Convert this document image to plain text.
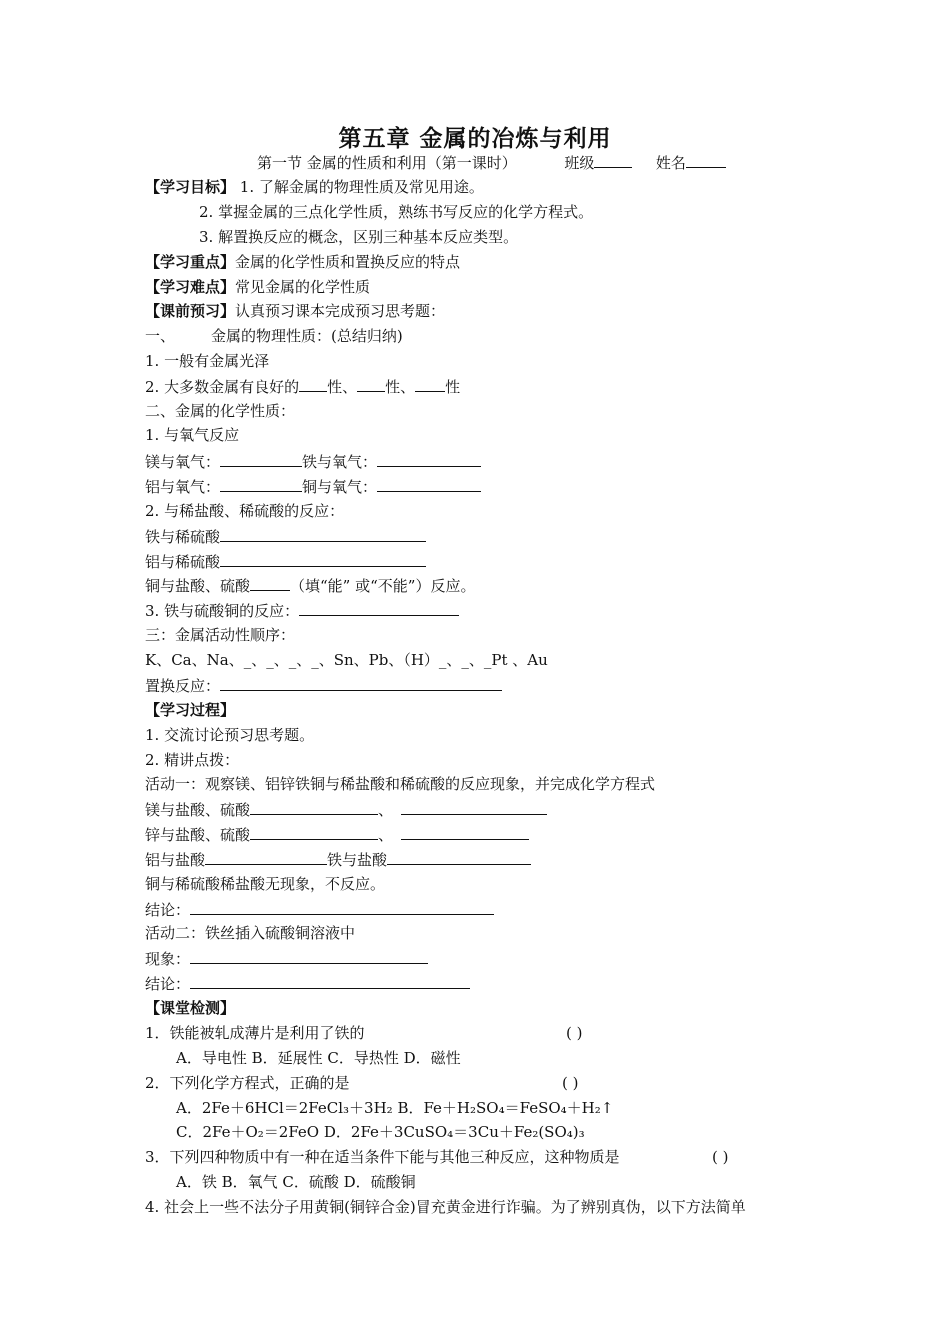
第五章 金属的冶炼与利用
第一节 金属的性质和利用（第一课时）	班级	姓名
【学习目标】 1. 了解金属的物理性质及常见用途。
2. 掌握金属的三点化学性质，熟练书写反应的化学方程式。
3. 解置换反应的概念，区别三种基本反应类型。
【学习重点】金属的化学性质和置换反应的特点
【学习难点】常见金属的化学性质
【课前预习】认真预习课本完成预习思考题：
一、 金属的物理性质：(总结归纳)
1. 一般有金属光泽
2. 大多数金属有良好的 性、 性、 性
二、金属的化学性质：
1. 与氧气反应
镁与氧气：	铁与氧气：
铝与氧气：	铜与氧气：
2. 与稀盐酸、稀硫酸的反应：
铁与稀硫酸
铝与稀硫酸
铜与盐酸、硫酸	（填“能” 或“不能”）反应。
3. 铁与硫酸铜的反应：
三：金属活动性顺序：
K、Ca、Na、_、_、_、_、Sn、Pb、（H）_、_、_Pt 、Au
置换反应：
【学习过程】
1. 交流讨论预习思考题。
2. 精讲点拨：
活动一：观察镁、铝锌铁铜与稀盐酸和稀硫酸的反应现象，并完成化学方程式
镁与盐酸、硫酸	、
锌与盐酸、硫酸	、
铝与盐酸	铁与盐酸
铜与稀硫酸稀盐酸无现象，不反应。
结论：
活动二：铁丝插入硫酸铜溶液中
现象：
结论：
【课堂检测】
1．铁能被轧成薄片是利用了铁的	( )
A．导电性 B．延展性 C．导热性 D．磁性
2．下列化学方程式，正确的是	( )
A．2Fe＋6HCl＝2FeCl₃＋3H₂ B．Fe＋H₂SO₄＝FeSO₄＋H₂↑
C．2Fe＋O₂＝2FeO D．2Fe＋3CuSO₄＝3Cu＋Fe₂(SO₄)₃
3．下列四种物质中有一种在适当条件下能与其他三种反应，这种物质是	( )
A．铁 B．氧气 C．硫酸 D．硫酸铜
4. 社会上一些不法分子用黄铜(铜锌合金)冒充黄金进行诈骗。为了辨别真伪，以下方法简单
